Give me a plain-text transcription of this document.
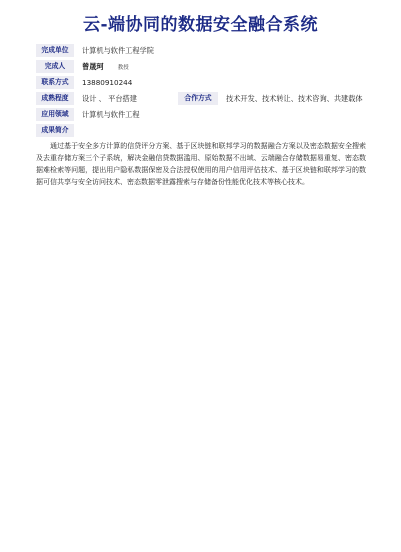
云-端协同的数据安全融合系统
完成单位	计算机与软件工程学院
完成人	曾晟珂	教授
联系方式	13880910244
成熟程度	设计 、 平台搭建	合作方式	技术开发、技术转让、技术咨询、共建载体
应用领域	计算机与软件工程
成果简介
通过基于安全多方计算的信贷评分方案、基于区块链和联邦学习的数据融合方案以及密态数据安全搜索及去重存储方案三个子系统，解决金融信贷数据滥用、原始数据不出域、云端融合存储数据易重复、密态数据难检索等问题，提出用户隐私数据保密及合法授权使用的用户信用评估技术、基于区块链和联邦学习的数据可信共享与安全访问技术、密态数据零泄露搜索与存储备份性能优化技术等核心技术。
